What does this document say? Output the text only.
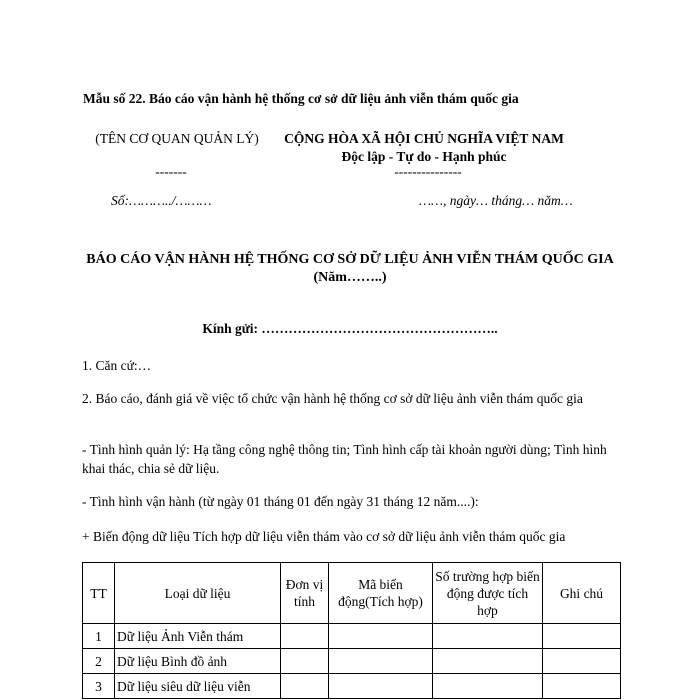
Mẫu số 22. Báo cáo vận hành hệ thống cơ sở dữ liệu ảnh viễn thám quốc gia
(TÊN CƠ QUAN QUẢN LÝ)
-------
CỘNG HÒA XÃ HỘI CHỦ NGHĨA VIỆT NAM
Độc lập - Tự do - Hạnh phúc
---------------
Số:………../………	……, ngày… tháng… năm…
BÁO CÁO VẬN HÀNH HỆ THỐNG CƠ SỞ DỮ LIỆU ẢNH VIỄN THÁM QUỐC GIA
(Năm……..)
Kính gửi: ……………………………………………..
1. Căn cứ:…
2. Báo cáo, đánh giá về việc tổ chức vận hành hệ thống cơ sở dữ liệu ảnh viễn thám quốc gia
- Tình hình quản lý: Hạ tầng công nghệ thông tin; Tình hình cấp tài khoản người dùng; Tình hình khai thác, chia sẻ dữ liệu.
- Tình hình vận hành (từ ngày 01 tháng 01 đến ngày 31 tháng 12 năm....):
+ Biến động dữ liệu Tích hợp dữ liệu viễn thám vào cơ sở dữ liệu ảnh viễn thám quốc gia
TT	Loại dữ liệu	Đơn vị tính	Mã biến động(Tích hợp)	Số trường hợp biến động được tích hợp	Ghi chú
1	Dữ liệu Ảnh Viễn thám				
2	Dữ liệu Bình đồ ảnh				
3	Dữ liệu siêu dữ liệu viễn				
